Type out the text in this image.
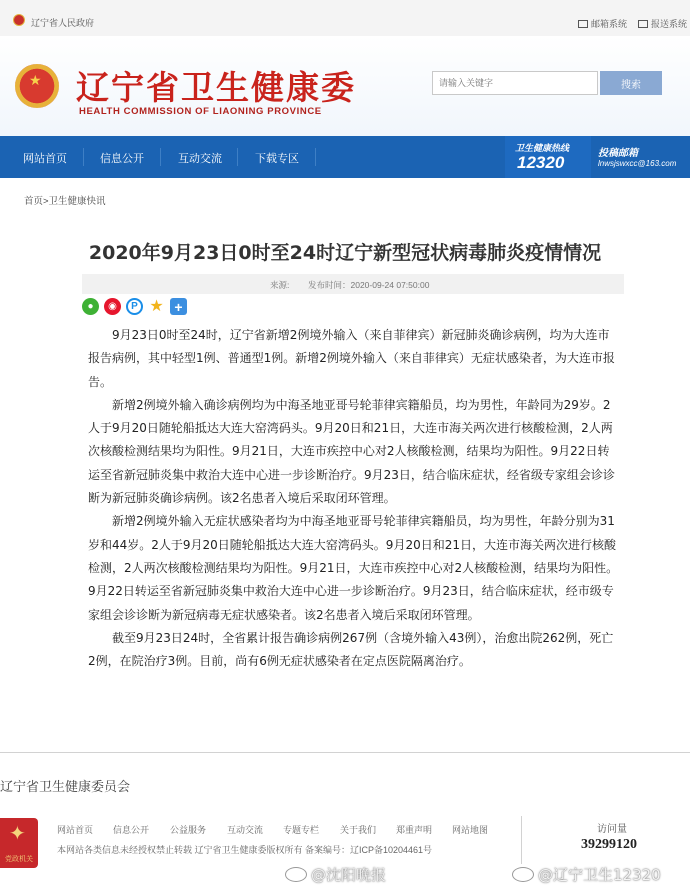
辽宁省人民政府	邮箱系统	报送系统
★ 辽宁省卫生健康委
HEALTH COMMISSION OF LIAONING PROVINCE
请输入关键字
搜索
网站首页	信息公开	互动交流	下载专区
卫生健康热线
12320	投稿邮箱
lnwsjswxcc@163.com
首页>卫生健康快讯
2020年9月23日0时至24时辽宁新型冠状病毒肺炎疫情情况
来源: 发布时间：2020-09-24 07:50:00
●	◉	P ★ +

9月23日0时至24时，辽宁省新增2例境外输入（来自菲律宾）新冠肺炎确诊病例，均为大连市报告病例，其中轻型1例、普通型1例。新增2例境外输入（来自菲律宾）无症状感染者，为大连市报告。

新增2例境外输入确诊病例均为中海圣地亚哥号轮菲律宾籍船员，均为男性，年龄同为29岁。2人于9月20日随轮船抵达大连大窑湾码头。9月20日和21日，大连市海关两次进行核酸检测，2人两次核酸检测结果均为阳性。9月21日，大连市疾控中心对2人核酸检测，结果均为阳性。9月22日转运至省新冠肺炎集中救治大连中心进一步诊断治疗。9月23日，结合临床症状，经省级专家组会诊诊断为新冠肺炎确诊病例。该2名患者入境后采取闭环管理。

新增2例境外输入无症状感染者均为中海圣地亚哥号轮菲律宾籍船员，均为男性，年龄分别为31岁和44岁。2人于9月20日随轮船抵达大连大窑湾码头。9月20日和21日，大连市海关两次进行核酸检测，2人两次核酸检测结果均为阳性。9月21日，大连市疾控中心对2人核酸检测，结果均为阳性。9月22日转运至省新冠肺炎集中救治大连中心进一步诊断治疗。9月23日，结合临床症状，经市级专家组会诊诊断为新冠病毒无症状感染者。该2名患者入境后采取闭环管理。

截至9月23日24时，全省累计报告确诊病例267例（含境外输入43例），治愈出院262例，死亡2例，在院治疗3例。目前，尚有6例无症状感染者在定点医院隔离治疗。

辽宁省卫生健康委员会
✦
党政机关
网站首页 信息公开 公益服务 互动交流 专题专栏 关于我们 郑重声明 网站地图
本网站各类信息未经授权禁止转载 辽宁省卫生健康委版权所有 备案编号：辽ICP备10204461号
访问量
39299120
@沈阳晚报	@辽宁卫生12320
